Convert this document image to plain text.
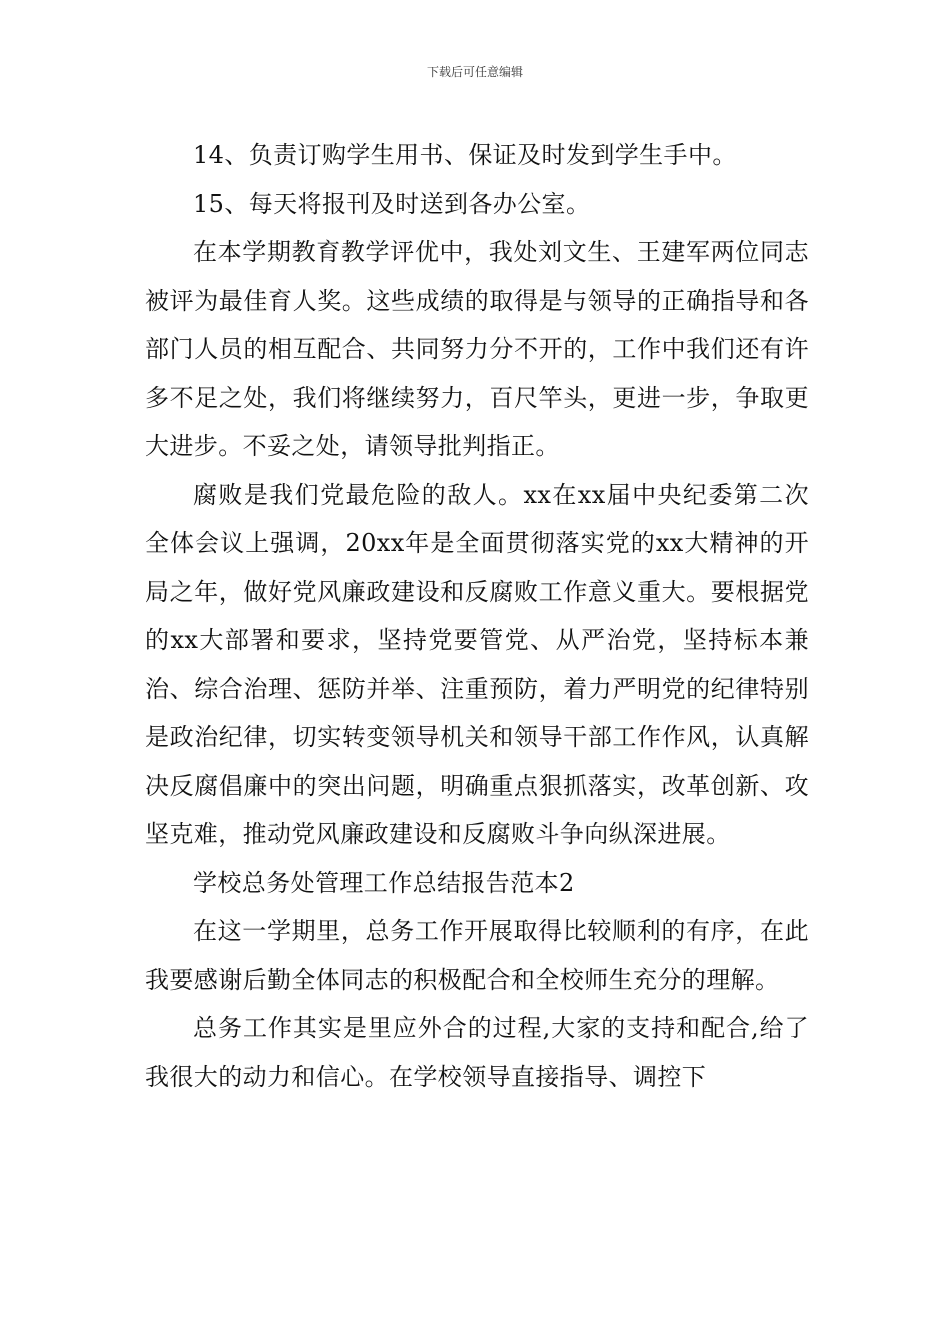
下载后可任意编辑

14、负责订购学生用书、保证及时发到学生手中。

15、每天将报刊及时送到各办公室。

在本学期教育教学评优中，我处刘文生、王建军两位同志被评为最佳育人奖。这些成绩的取得是与领导的正确指导和各部门人员的相互配合、共同努力分不开的，工作中我们还有许多不足之处，我们将继续努力，百尺竿头，更进一步，争取更大进步。不妥之处，请领导批判指正。

腐败是我们党最危险的敌人。xx在xx届中央纪委第二次全体会议上强调，20xx年是全面贯彻落实党的xx大精神的开局之年，做好党风廉政建设和反腐败工作意义重大。要根据党的xx大部署和要求，坚持党要管党、从严治党，坚持标本兼治、综合治理、惩防并举、注重预防，着力严明党的纪律特别是政治纪律，切实转变领导机关和领导干部工作作风，认真解决反腐倡廉中的突出问题，明确重点狠抓落实，改革创新、攻坚克难，推动党风廉政建设和反腐败斗争向纵深进展。

学校总务处管理工作总结报告范本2

在这一学期里，总务工作开展取得比较顺利的有序，在此我要感谢后勤全体同志的积极配合和全校师生充分的理解。

总务工作其实是里应外合的过程,大家的支持和配合,给了我很大的动力和信心。在学校领导直接指导、调控下
